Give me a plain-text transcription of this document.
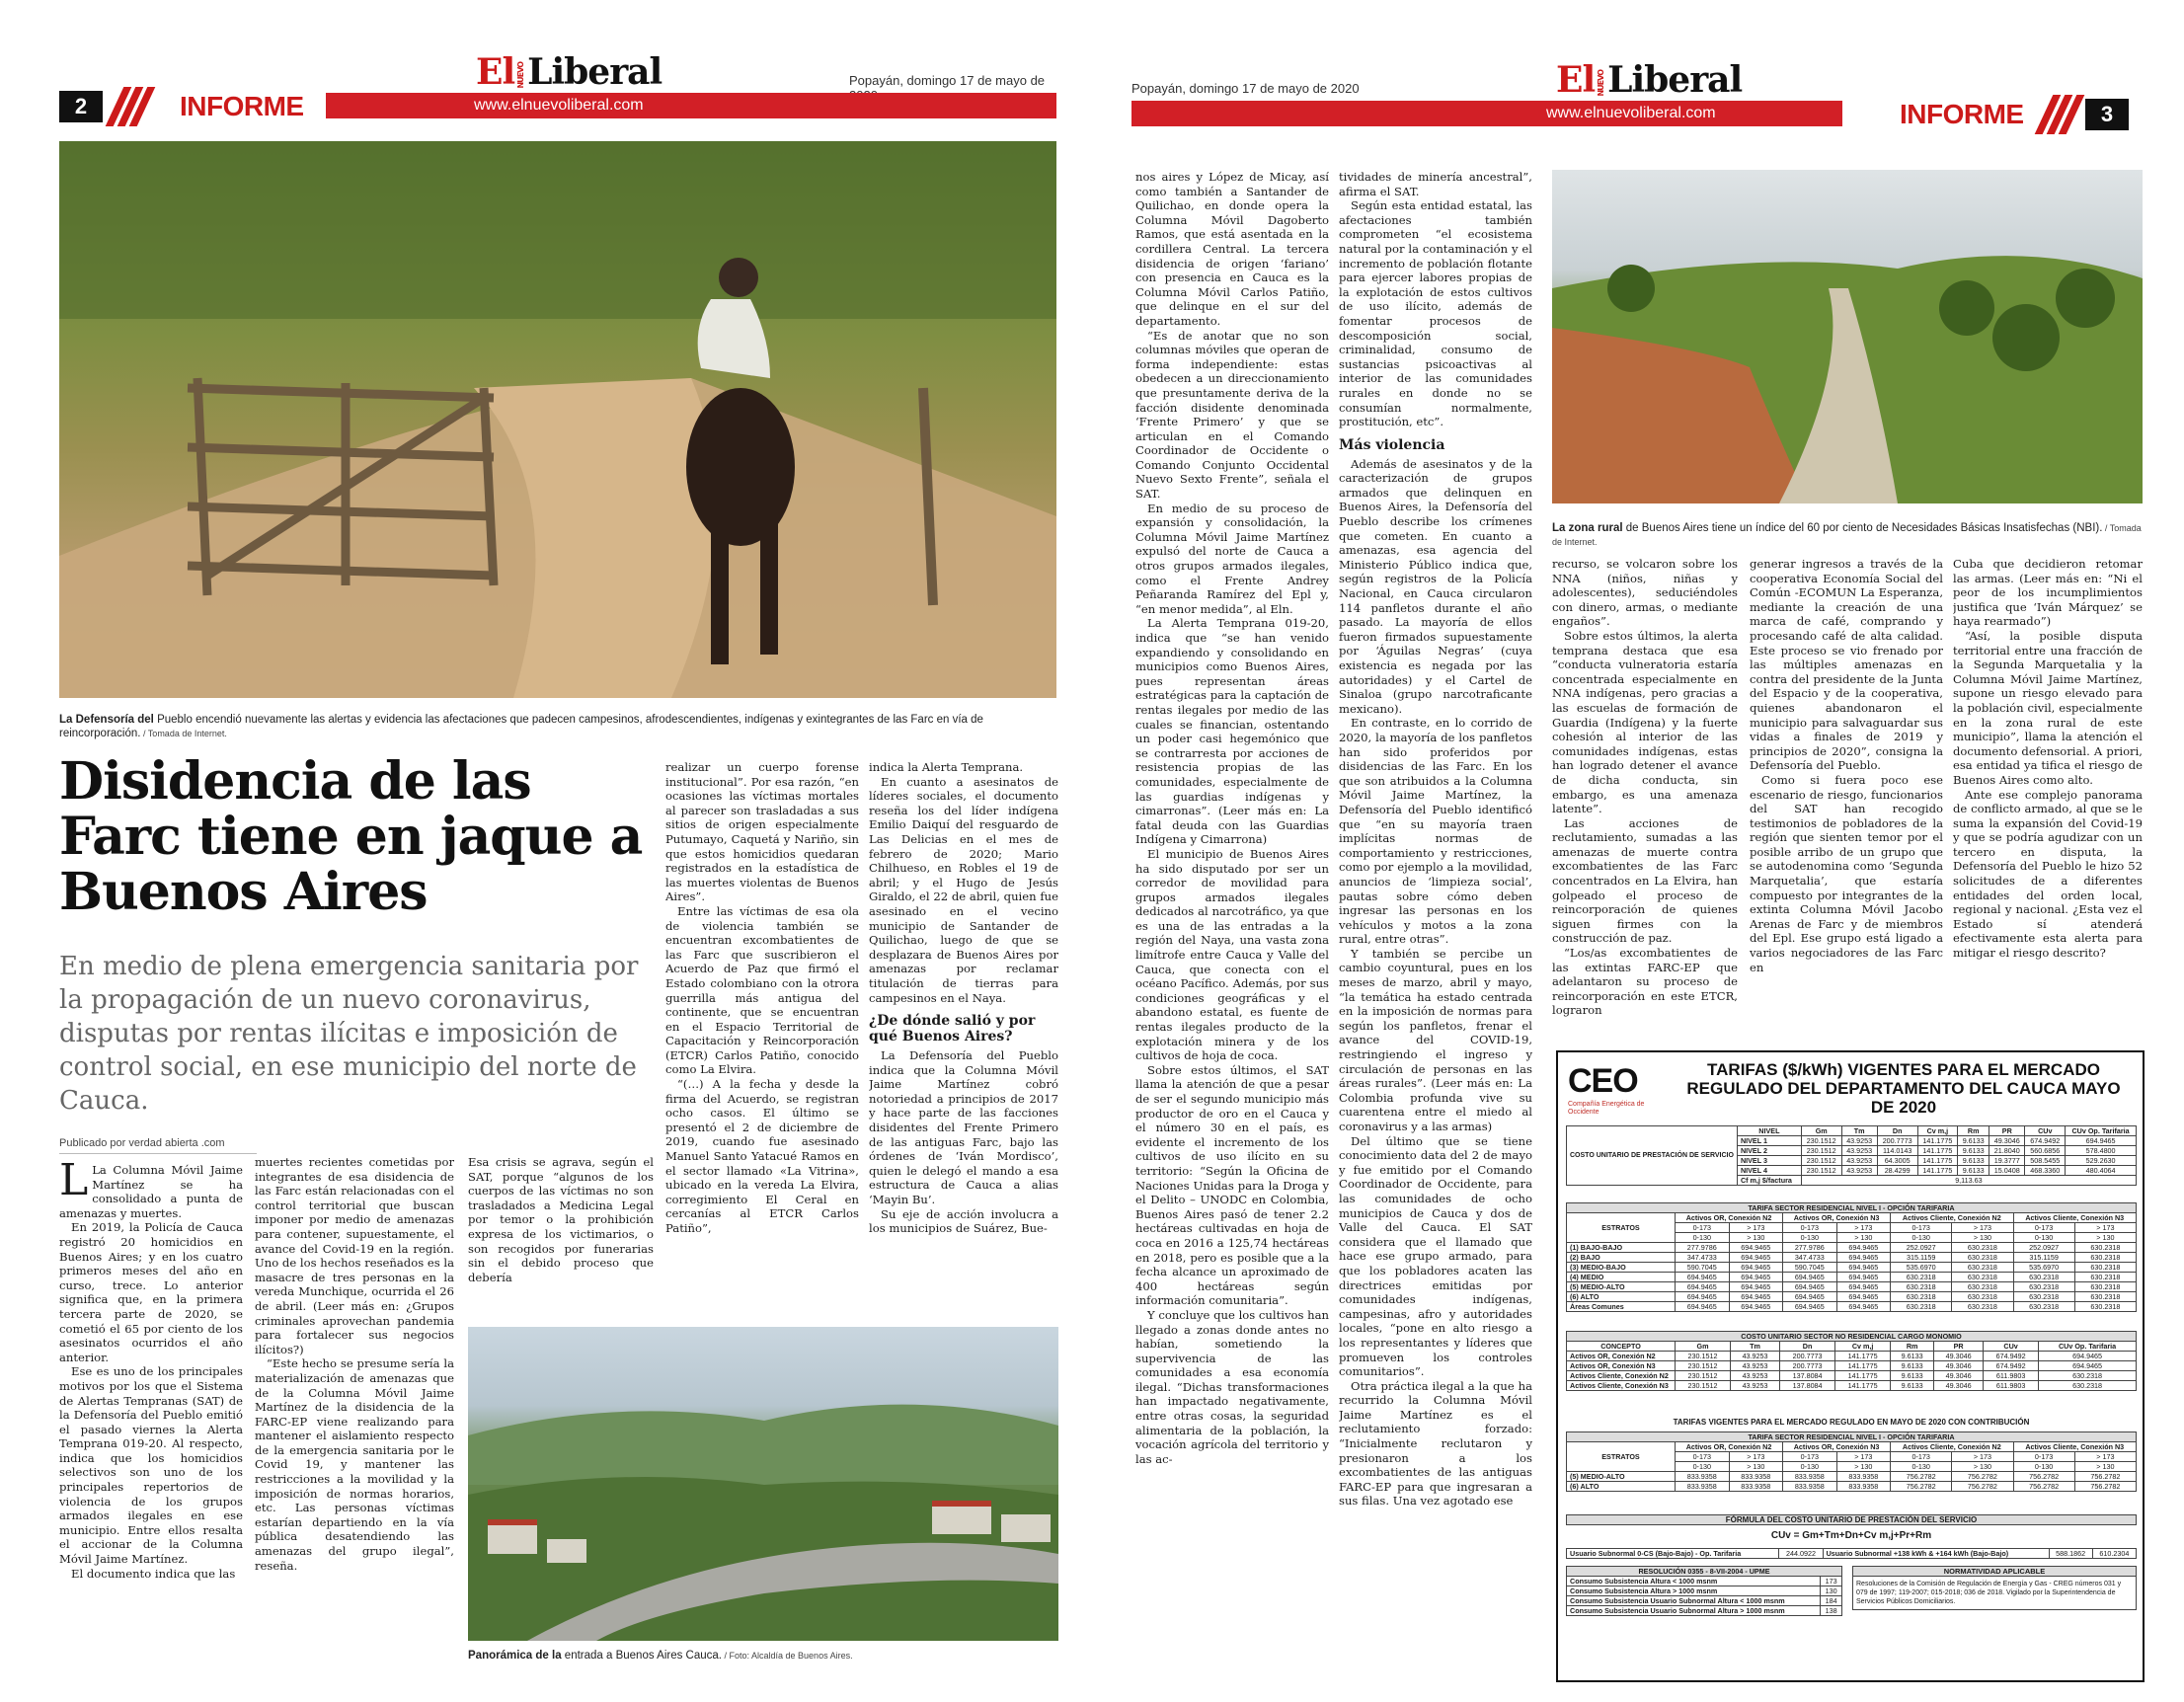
El NUEVOLiberal	Popayán, domingo 17 de mayo de
2	INFORME	www.elnuevoliberal.com
La Defensoría del Pueblo encendió nuevamente las alertas y evidencia las afectaciones que padecen campesinos, afrodescendientes, indígenas y exintegrantes de las Farc en vía de reincorporación. / Tomada de Internet.
Disidencia de las Farc tiene en jaque a Buenos Aires
En medio de plena emergencia sanitaria por la propagación de un nuevo coronavirus, disputas por rentas ilícitas e imposición de control social, en ese municipio del norte de Cauca.
Publicado por verdad abierta .com

L La Columna Móvil Jaime Martínez se ha consolidado a punta de amenazas y muertes.

En 2019, la Policía de Cauca registró 20 homicidios en Buenos Aires; y en los cuatro primeros meses del año en curso, trece. Lo anterior significa que, en la primera tercera parte de 2020, se cometió el 65 por ciento de los asesinatos ocurridos el año anterior.

Ese es uno de los principales motivos por los que el Sistema de Alertas Tempranas (SAT) de la Defensoría del Pueblo emitió el pasado viernes la Alerta Temprana 019-20. Al respecto, indica que los homicidios selectivos son uno de los principales repertorios de violencia de los grupos armados ilegales en ese municipio. Entre ellos resalta el accionar de la Columna Móvil Jaime Martínez.

El documento indica que las

muertes recientes cometidas por integrantes de esa disidencia de las Farc están relacionadas con el control territorial que buscan imponer por medio de amenazas para contener, supuestamente, el avance del Covid-19 en la región. Uno de los hechos reseñados es la masacre de tres personas en la vereda Munchique, ocurrida el 26 de abril. (Leer más en: ¿Grupos criminales aprovechan pandemia para fortalecer sus negocios ilícitos?)

“Este hecho se presume sería la materialización de amenazas que de la Columna Móvil Jaime Martínez de la disidencia de la FARC-EP viene realizando para mantener el aislamiento respecto de la emergencia sanitaria por le Covid 19, y mantener las restricciones a la movilidad y la imposición de normas horarios, etc. Las personas víctimas estarían departiendo en la vía pública desatendiendo las amenazas del grupo ilegal”, reseña.

Esa crisis se agrava, según el SAT, porque “algunos de los cuerpos de las víctimas no son trasladados a Medicina Legal por temor o la prohibición expresa de los victimarios, o son recogidos por funerarias sin el debido proceso que debería

realizar un cuerpo forense institucional”. Por esa razón, “en ocasiones las víctimas mortales al parecer son trasladadas a sus sitios de origen especialmente Putumayo, Caquetá y Nariño, sin que estos homicidios quedaran registrados en la estadística de las muertes violentas de Buenos Aires”.

Entre las víctimas de esa ola de violencia también se encuentran excombatientes de las Farc que suscribieron el Acuerdo de Paz que firmó el Estado colombiano con la otrora guerrilla más antigua del continente, que se encuentran en el Espacio Territorial de Capacitación y Reincorporación (ETCR) Carlos Patiño, conocido como La Elvira.

“(…) A la fecha y desde la firma del Acuerdo, se registran ocho casos. El último se presentó el 2 de diciembre de 2019, cuando fue asesinado Manuel Santo Yatacué Ramos en el sector llamado «La Vitrina», ubicado en la vereda La Elvira, corregimiento El Ceral en cercanías al ETCR Carlos Patiño”,

indica la Alerta Temprana.

En cuanto a asesinatos de líderes sociales, el documento reseña los del líder indígena Emilio Daiquí del resguardo de Las Delicias en el mes de febrero de 2020; Mario Chilhueso, en Robles el 19 de abril; y el Hugo de Jesús Giraldo, el 22 de abril, quien fue asesinado en el vecino municipio de Santander de Quilichao, luego de que se desplazara de Buenos Aires por amenazas por reclamar titulación de tierras para campesinos en el Naya.

¿De dónde salió y por qué Buenos Aires?

La Defensoría del Pueblo indica que la Columna Móvil Jaime Martínez cobró notoriedad a principios de 2017 y hace parte de las facciones disidentes del Frente Primero de las antiguas Farc, bajo las órdenes de ‘Iván Mordisco’, quien le delegó el mando a esa estructura de Cauca a alias ‘Mayin Bu’.

Su eje de acción involucra a los municipios de Suárez, Bue-

Panorámica de la entrada a Buenos Aires Cauca. / Foto: Alcaldía de Buenos Aires.
Popayán, domingo 17 de mayo de 2020	El NUEVOLiberal
www.elnuevoliberal.com	INFORME	3

nos aires y López de Micay, así como también a Santander de Quilichao, en donde opera la Columna Móvil Dagoberto Ramos, que está asentada en la cordillera Central. La tercera disidencia de origen ‘fariano’ con presencia en Cauca es la Columna Móvil Carlos Patiño, que delinque en el sur del departamento.

“Es de anotar que no son columnas móviles que operan de forma independiente: estas obedecen a un direccionamiento que presuntamente deriva de la facción disidente denominada ‘Frente Primero’ y que se articulan en el Comando Coordinador de Occidente o Comando Conjunto Occidental Nuevo Sexto Frente”, señala el SAT.

En medio de su proceso de expansión y consolidación, la Columna Móvil Jaime Martínez expulsó del norte de Cauca a otros grupos armados ilegales, como el Frente Andrey Peñaranda Ramírez del Epl y, “en menor medida”, al Eln.

La Alerta Temprana 019-20, indica que “se han venido expandiendo y consolidando en municipios como Buenos Aires, pues representan áreas estratégicas para la captación de rentas ilegales por medio de las cuales se financian, ostentando un poder casi hegemónico que se contrarresta por acciones de resistencia propias de las comunidades, especialmente de las guardias indígenas y cimarronas”. (Leer más en: La fatal deuda con las Guardias Indígena y Cimarrona)

El municipio de Buenos Aires ha sido disputado por ser un corredor de movilidad para grupos armados ilegales dedicados al narcotráfico, ya que es una de las entradas a la región del Naya, una vasta zona limítrofe entre Cauca y Valle del Cauca, que conecta con el océano Pacífico. Además, por sus condiciones geográficas y el abandono estatal, es fuente de rentas ilegales producto de la explotación minera y de los cultivos de hoja de coca.

Sobre estos últimos, el SAT llama la atención de que a pesar de ser el segundo municipio más productor de oro en el Cauca y el número 30 en el país, es evidente el incremento de los cultivos de uso ilícito en su territorio: “Según la Oficina de Naciones Unidas para la Droga y el Delito – UNODC en Colombia, Buenos Aires pasó de tener 2.2 hectáreas cultivadas en hoja de coca en 2016 a 125,74 hectáreas en 2018, pero es posible que a la fecha alcance un aproximado de 400 hectáreas según información comunitaria”.

Y concluye que los cultivos han llegado a zonas donde antes no habían, sometiendo la supervivencia de las comunidades a esa economía ilegal. “Dichas transformaciones han impactado negativamente, entre otras cosas, la seguridad alimentaria de la población, la vocación agrícola del territorio y las ac-

tividades de minería ancestral”, afirma el SAT.

Según esta entidad estatal, las afectaciones también comprometen “el ecosistema natural por la contaminación y el incremento de población flotante para ejercer labores propias de la explotación de estos cultivos de uso ilícito, además de fomentar procesos de descomposición social, criminalidad, consumo de sustancias psicoactivas al interior de las comunidades rurales en donde no se consumían normalmente, prostitución, etc”.

Más violencia

Además de asesinatos y de la caracterización de grupos armados que delinquen en Buenos Aires, la Defensoría del Pueblo describe los crímenes que cometen. En cuanto a amenazas, esa agencia del Ministerio Público indica que, según registros de la Policía Nacional, en Cauca circularon 114 panfletos durante el año pasado. La mayoría de ellos fueron firmados supuestamente por ‘Águilas Negras’ (cuya existencia es negada por las autoridades) y el Cartel de Sinaloa (grupo narcotraficante mexicano).

En contraste, en lo corrido de 2020, la mayoría de los panfletos han sido proferidos por disidencias de las Farc. En los que son atribuidos a la Columna Móvil Jaime Martínez, la Defensoría del Pueblo identificó que “en su mayoría traen implícitas normas de comportamiento y restricciones, como por ejemplo a la movilidad, anuncios de ‘limpieza social’, pautas sobre cómo deben ingresar las personas en los vehículos y motos a la zona rural, entre otras”.

Y también se percibe un cambio coyuntural, pues en los meses de marzo, abril y mayo, “la temática ha estado centrada en la imposición de normas para según los panfletos, frenar el avance del COVID-19, restringiendo el ingreso y circulación de personas en las áreas rurales”. (Leer más en: La Colombia profunda vive su cuarentena entre el miedo al coronavirus y a las armas)

Del último que se tiene conocimiento data del 2 de mayo y fue emitido por el Comando Coordinador de Occidente, para las comunidades de ocho municipios de Cauca y dos de Valle del Cauca. El SAT considera que el llamado que hace ese grupo armado, para que los pobladores acaten las directrices emitidas por comunidades indígenas, campesinas, afro y autoridades locales, “pone en alto riesgo a los representantes y líderes que promueven los controles comunitarios”.

Otra práctica ilegal a la que ha recurrido la Columna Móvil Jaime Martínez es el reclutamiento forzado: “Inicialmente reclutaron y presionaron a los excombatientes de las antiguas FARC-EP para que ingresaran a sus filas. Una vez agotado ese

La zona rural de Buenos Aires tiene un índice del 60 por ciento de Necesidades Básicas Insatisfechas (NBI). / Tomada de Internet.

recurso, se volcaron sobre los NNA (niños, niñas y adolescentes), seduciéndoles con dinero, armas, o mediante engaños”.

Sobre estos últimos, la alerta temprana destaca que esa “conducta vulneratoria estaría concentrada especialmente en NNA indígenas, pero gracias a las escuelas de formación de Guardia (Indígena) y la fuerte cohesión al interior de las comunidades indígenas, estas han logrado detener el avance de dicha conducta, sin embargo, es una amenaza latente”.

Las acciones de reclutamiento, sumadas a las amenazas de muerte contra excombatientes de las Farc concentrados en La Elvira, han golpeado el proceso de reincorporación de quienes siguen firmes con la construcción de paz.

“Los/as excombatientes de las extintas FARC-EP que adelantaron su proceso de reincorporación en este ETCR, lograron

generar ingresos a través de la cooperativa Economía Social del Común -ECOMUN La Esperanza, mediante la creación de una marca de café, comprando y procesando café de alta calidad. Este proceso se vio frenado por las múltiples amenazas en contra del presidente de la Junta del Espacio y de la cooperativa, quienes abandonaron el municipio para salvaguardar sus vidas a finales de 2019 y principios de 2020”, consigna la Defensoría del Pueblo.

Como si fuera poco ese escenario de riesgo, funcionarios del SAT han recogido testimonios de pobladores de la región que sienten temor por el posible arribo de un grupo que se autodenomina como ‘Segunda Marquetalia’, que estaría compuesto por integrantes de la extinta Columna Móvil Jacobo Arenas de Farc y de miembros del Epl. Ese grupo está ligado a varios negociadores de las Farc en

Cuba que decidieron retomar las armas. (Leer más en: “Ni el peor de los incumplimientos justifica que ‘Iván Márquez’ se haya rearmado”)

“Así, la posible disputa territorial entre una fracción de la Segunda Marquetalia y la Columna Móvil Jaime Martínez, supone un riesgo elevado para la población civil, especialmente en la zona rural de este municipio”, llama la atención el documento defensorial. A priori, esa entidad ya tifica el riesgo de Buenos Aires como alto.

Ante ese complejo panorama de conflicto armado, al que se le suma la expansión del Covid-19 y que se podría agudizar con un tercero en disputa, la Defensoría del Pueblo le hizo 52 solicitudes de a diferentes entidades del orden local, regional y nacional. ¿Esta vez el Estado sí atenderá efectivamente esta alerta para mitigar el riesgo descrito?

CEO
Compañía Energética de Occidente
TARIFAS ($/kWh) VIGENTES PARA EL MERCADO REGULADO DEL DEPARTAMENTO DEL CAUCA MAYO DE 2020
COSTO UNITARIO DE PRESTACIÓN DE SERVICIO	NIVEL	Gm	Tm	Dn	Cv m,j	Rm	PR	CUv	CUv Op. Tarifaria
	NIVEL 1	230.1512	43.9253	200.7773	141.1775	9.6133	49.3046	674.9492	694.9465
	NIVEL 2	230.1512	43.9253	114.0143	141.1775	9.6133	21.8040	560.6856	578.4800
	NIVEL 3	230.1512	43.9253	64.3005	141.1775	9.6133	19.3777	508.5455	529.2630
	NIVEL 4	230.1512	43.9253	28.4299	141.1775	9.6133	15.0408	468.3360	480.4064
	Cf m,j $/factura	9,113.63							
TARIFA SECTOR RESIDENCIAL NIVEL I - OPCIÓN TARIFARIA								
ESTRATOS	Activos OR, Conexión N2		Activos OR, Conexión N3		Activos Cliente, Conexión N2		Activos Cliente, Conexión N3	
	0-173	> 173	0-173	> 173	0-173	> 173	0-173	> 173
	0-130	> 130	0-130	> 130	0-130	> 130	0-130	> 130
(1) BAJO-BAJO	277.9786	694.9465	277.9786	694.9465	252.0927	630.2318	252.0927	630.2318
(2) BAJO	347.4733	694.9465	347.4733	694.9465	315.1159	630.2318	315.1159	630.2318
(3) MEDIO-BAJO	590.7045	694.9465	590.7045	694.9465	535.6970	630.2318	535.6970	630.2318
(4) MEDIO	694.9465	694.9465	694.9465	694.9465	630.2318	630.2318	630.2318	630.2318
(5) MEDIO-ALTO	694.9465	694.9465	694.9465	694.9465	630.2318	630.2318	630.2318	630.2318
(6) ALTO	694.9465	694.9465	694.9465	694.9465	630.2318	630.2318	630.2318	630.2318
Áreas Comunes	694.9465	694.9465	694.9465	694.9465	630.2318	630.2318	630.2318	630.2318
COSTO UNITARIO SECTOR NO RESIDENCIAL CARGO MONOMIO								
CONCEPTO	Gm	Tm	Dn	Cv m,j	Rm	PR	CUv	CUv Op. Tarifaria
Activos OR, Conexión N2	230.1512	43.9253	200.7773	141.1775	9.6133	49.3046	674.9492	694.9465
Activos OR, Conexión N3	230.1512	43.9253	200.7773	141.1775	9.6133	49.3046	674.9492	694.9465
Activos Cliente, Conexión N2	230.1512	43.9253	137.8084	141.1775	9.6133	49.3046	611.9803	630.2318
Activos Cliente, Conexión N3	230.1512	43.9253	137.8084	141.1775	9.6133	49.3046	611.9803	630.2318
TARIFAS VIGENTES PARA EL MERCADO REGULADO EN MAYO DE 2020 CON CONTRIBUCIÓN
TARIFA SECTOR RESIDENCIAL NIVEL I - OPCIÓN TARIFARIA								
ESTRATOS	Activos OR, Conexión N2		Activos OR, Conexión N3		Activos Cliente, Conexión N2		Activos Cliente, Conexión N3	
	0-173	> 173	0-173	> 173	0-173	> 173	0-173	> 173
	0-130	> 130	0-130	> 130	0-130	> 130	0-130	> 130
(5) MEDIO-ALTO	833.9358	833.9358	833.9358	833.9358	756.2782	756.2782	756.2782	756.2782
(6) ALTO	833.9358	833.9358	833.9358	833.9358	756.2782	756.2782	756.2782	756.2782
FÓRMULA DEL COSTO UNITARIO DE PRESTACIÓN DEL SERVICIO
CUv = Gm+Tm+Dn+Cv m,j+Pr+Rm
Usuario Subnormal 0-CS (Bajo-Bajo) - Op. Tarifaria	244.0922	Usuario Subnormal +138 kWh & +164 kWh (Bajo-Bajo)	588.1862	610.2304
RESOLUCIÓN 0355 - 8-VII-2004 - UPME	
Consumo Subsistencia Altura < 1000 msnm	173
Consumo Subsistencia Altura > 1000 msnm	130
Consumo Subsistencia Usuario Subnormal Altura < 1000 msnm	184
Consumo Subsistencia Usuario Subnormal Altura > 1000 msnm	138
NORMATIVIDAD APLICABLE
Resoluciones de la Comisión de Regulación de Energía y Gas - CREG números 031 y 079 de 1997; 119-2007; 015-2018; 036 de 2018. Vigilado por la Superintendencia de Servicios Públicos Domiciliarios.
